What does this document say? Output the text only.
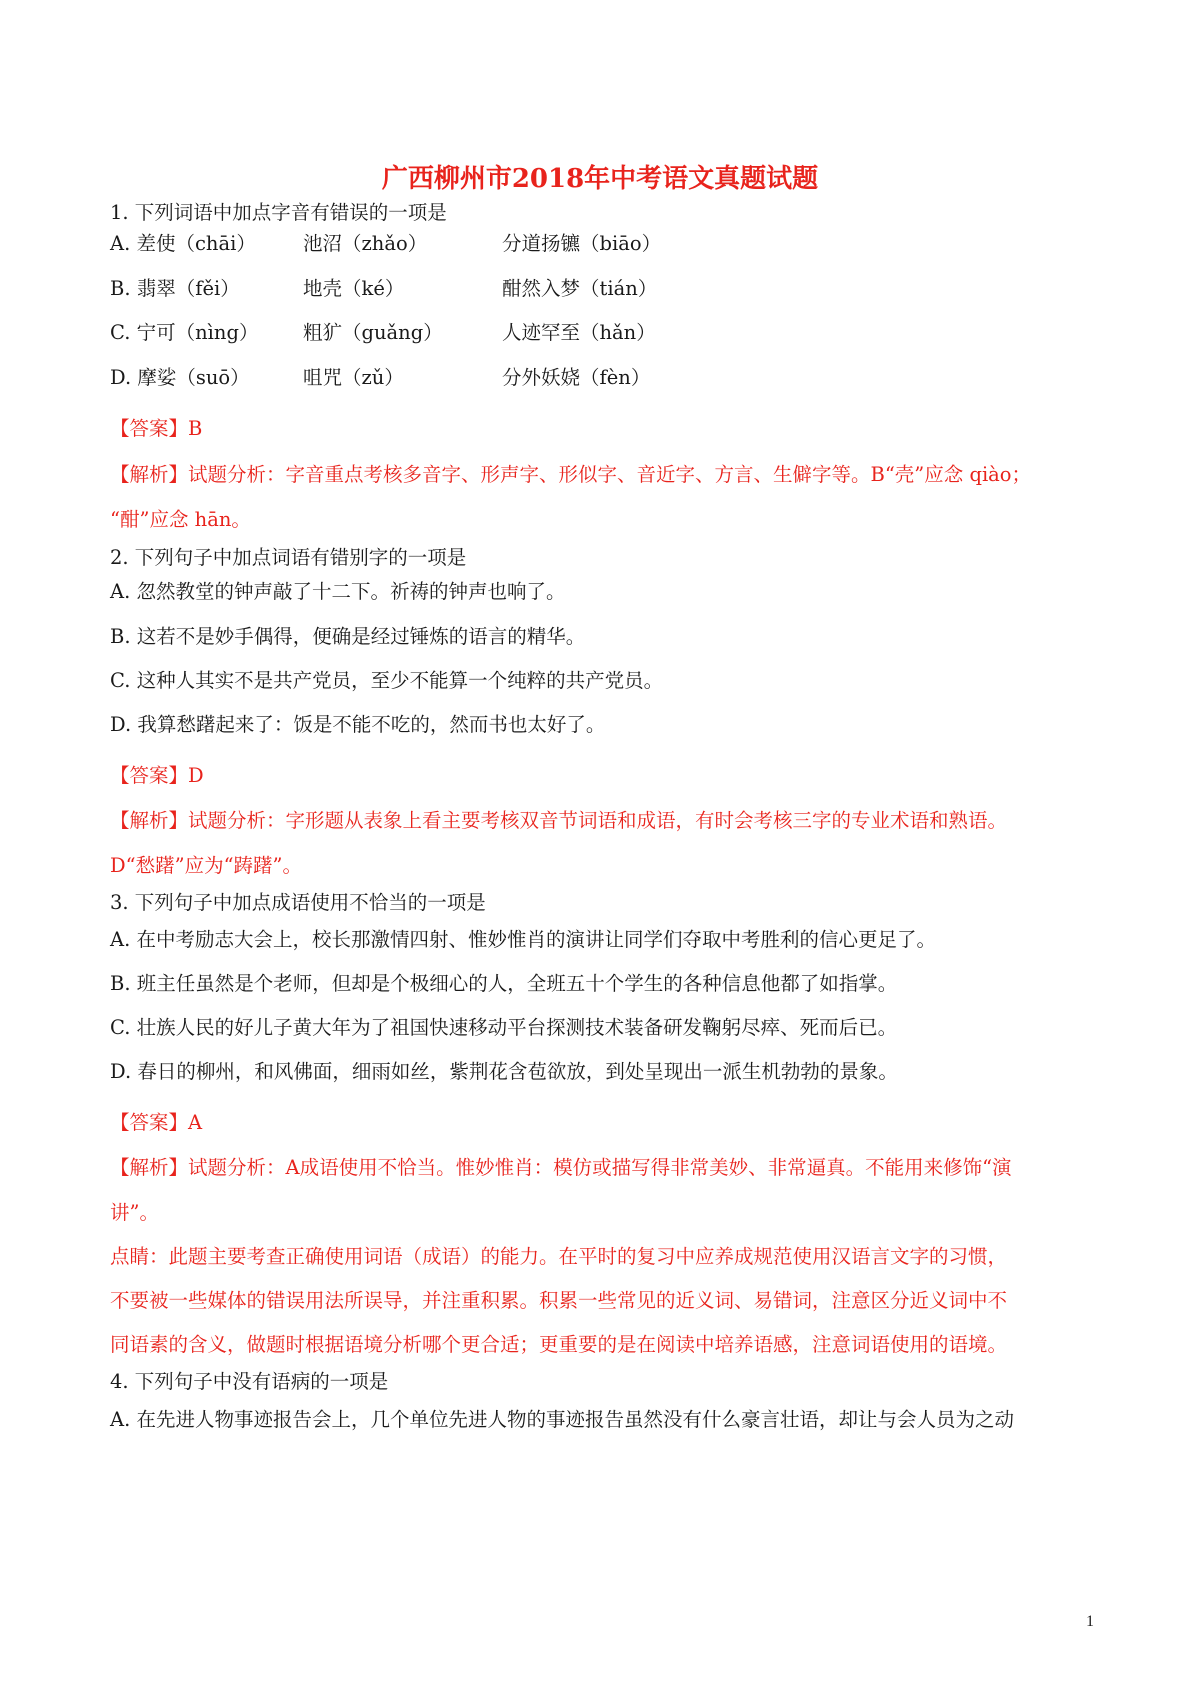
广西柳州市2018年中考语文真题试题

1. 下列词语中加点字音有错误的一项是

A. 差使（chāi） 池沼（zhǎo）	分道扬镳（biāo）
B. 翡翠（fěi）	地壳（ké）	酣然入梦（tián）
C. 宁可（nìng） 粗犷（guǎng）	人迹罕至（hǎn）
D. 摩娑（suō）	咀咒（zǔ）	分外妖娆（fèn）

【答案】B

【解析】试题分析：字音重点考核多音字、形声字、形似字、音近字、方言、生僻字等。B“壳”应念 qiào；

“酣”应念 hān。

2. 下列句子中加点词语有错别字的一项是

A. 忽然教堂的钟声敲了十二下。祈祷的钟声也响了。

B. 这若不是妙手偶得，便确是经过锤炼的语言的精华。

C. 这种人其实不是共产党员，至少不能算一个纯粹的共产党员。

D. 我算愁躇起来了：饭是不能不吃的，然而书也太好了。

【答案】D

【解析】试题分析：字形题从表象上看主要考核双音节词语和成语，有时会考核三字的专业术语和熟语。

D“愁躇”应为“踌躇”。

3. 下列句子中加点成语使用不恰当的一项是

A. 在中考励志大会上，校长那激情四射、惟妙惟肖的演讲让同学们夺取中考胜利的信心更足了。

B. 班主任虽然是个老师，但却是个极细心的人，全班五十个学生的各种信息他都了如指掌。

C. 壮族人民的好儿子黄大年为了祖国快速移动平台探测技术装备研发鞠躬尽瘁、死而后已。

D. 春日的柳州，和风佛面，细雨如丝，紫荆花含苞欲放，到处呈现出一派生机勃勃的景象。

【答案】A

【解析】试题分析：A成语使用不恰当。惟妙惟肖：模仿或描写得非常美妙、非常逼真。不能用来修饰“演

讲”。

点睛：此题主要考查正确使用词语（成语）的能力。在平时的复习中应养成规范使用汉语言文字的习惯，

不要被一些媒体的错误用法所误导，并注重积累。积累一些常见的近义词、易错词，注意区分近义词中不

同语素的含义，做题时根据语境分析哪个更合适；更重要的是在阅读中培养语感，注意词语使用的语境。

4. 下列句子中没有语病的一项是

A. 在先进人物事迹报告会上，几个单位先进人物的事迹报告虽然没有什么豪言壮语，却让与会人员为之动

1
